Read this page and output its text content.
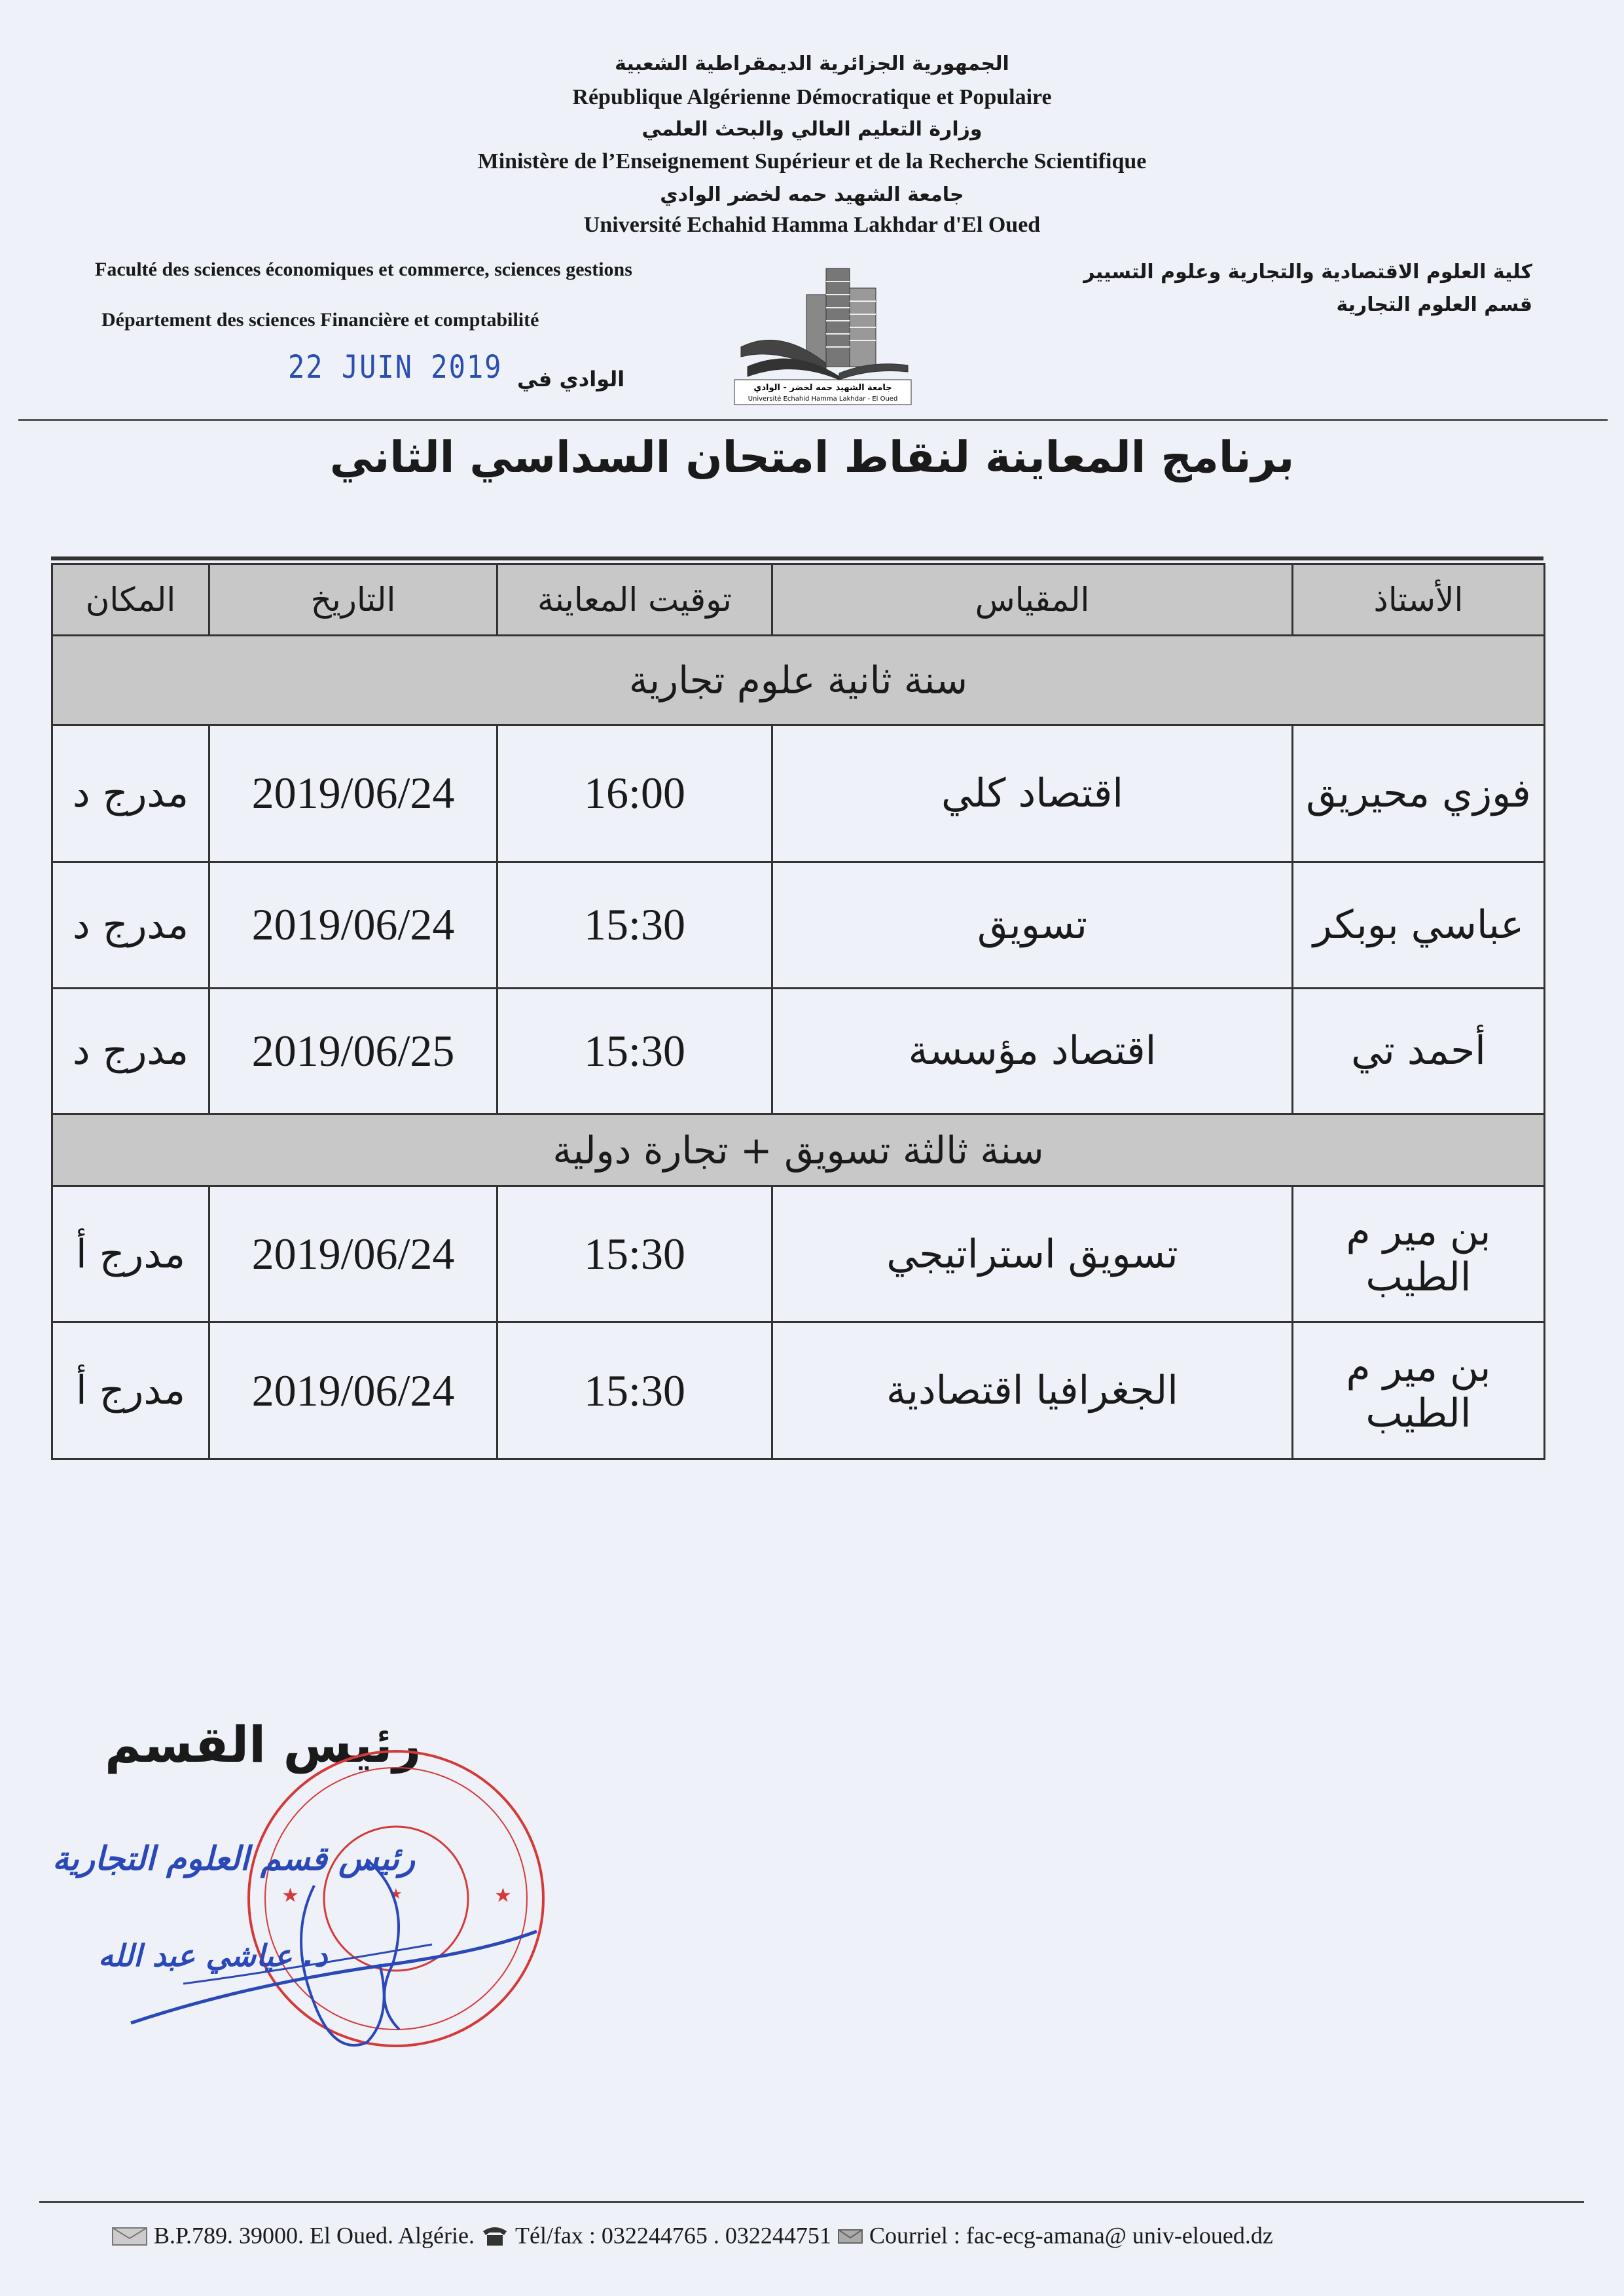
الجمهورية الجزائرية الديمقراطية الشعبية
République Algérienne Démocratique et Populaire
وزارة التعليم العالي والبحث العلمي
Ministère de l’Enseignement Supérieur et de la Recherche Scientifique
جامعة الشهيد حمه لخضر الوادي
Université Echahid Hamma Lakhdar d'El Oued
Faculté des sciences économiques et commerce, sciences gestions
Département des sciences Financière et comptabilité
كلية العلوم الاقتصادية والتجارية وعلوم التسيير
قسم العلوم التجارية
22 JUIN 2019 الوادي في	جامعة الشهيد حمه لخضر - الوادي
Université Echahid Hamma Lakhdar - El Oued
برنامج المعاينة لنقاط امتحان السداسي الثاني
الأستاذ	المقياس	توقيت المعاينة	التاريخ	المكان
سنة ثانية علوم تجارية				
فوزي محيريق	اقتصاد كلي	16:00	2019/06/24	مدرج د
عباسي بوبكر	تسويق	15:30	2019/06/24	مدرج د
أحمد تي	اقتصاد مؤسسة	15:30	2019/06/25	مدرج د
سنة ثالثة تسويق + تجارة دولية				
بن مير م الطيب	تسويق استراتيجي	15:30	2019/06/24	مدرج أ
بن مير م الطيب	الجغرافيا اقتصادية	15:30	2019/06/24	مدرج أ
رئيس القسم
★	★
★
رئيس قسم العلوم التجارية
د. عياشي عبد الله
B.P.789. 39000. El Oued. Algérie. Tél/fax : 032244765 . 032244751 Courriel : fac-ecg-amana@ univ-eloued.dz
